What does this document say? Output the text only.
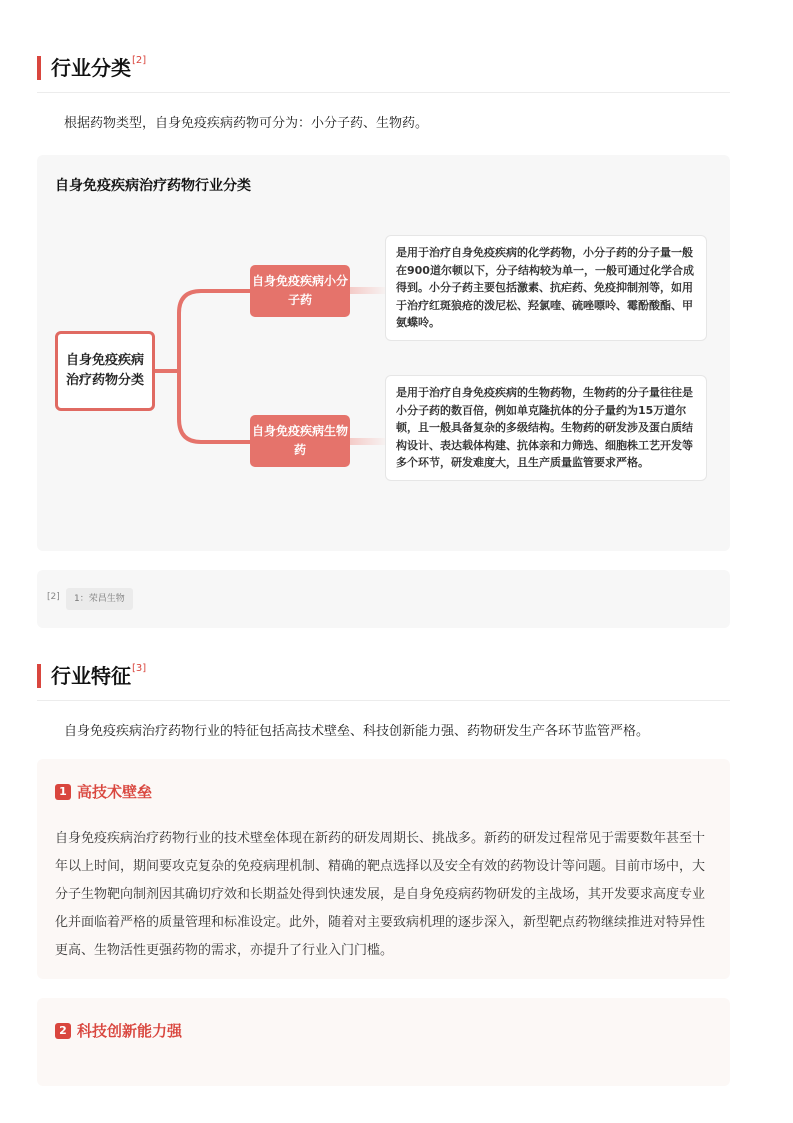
行业分类 [2]
根据药物类型，自身免疫疾病药物可分为：小分子药、生物药。
自身免疫疾病治疗药物行业分类
自身免疫疾病治疗药物分类
自身免疫疾病小分子药
自身免疫疾病生物药
是用于治疗自身免疫疾病的化学药物，小分子药的分子量一般在900道尔顿以下，分子结构较为单一，一般可通过化学合成得到。小分子药主要包括激素、抗疟药、免疫抑制剂等，如用于治疗红斑狼疮的泼尼松、羟氯喹、硫唑嘌呤、霉酚酸酯、甲氨蝶呤。
是用于治疗自身免疫疾病的生物药物，生物药的分子量往往是小分子药的数百倍，例如单克隆抗体的分子量约为15万道尔顿，且一般具备复杂的多级结构。生物药的研发涉及蛋白质结构设计、表达载体构建、抗体亲和力筛选、细胞株工艺开发等多个环节，研发难度大，且生产质量监管要求严格。
[2]	1：荣昌生物
行业特征 [3]
自身免疫疾病治疗药物行业的特征包括高技术壁垒、科技创新能力强、药物研发生产各环节监管严格。
1 高技术壁垒
自身免疫疾病治疗药物行业的技术壁垒体现在新药的研发周期长、挑战多。新药的研发过程常见于需要数年甚至十年以上时间，期间要攻克复杂的免疫病理机制、精确的靶点选择以及安全有效的药物设计等问题。目前市场中，大分子生物靶向制剂因其确切疗效和长期益处得到快速发展，是自身免疫病药物研发的主战场，其开发要求高度专业化并面临着严格的质量管理和标准设定。此外，随着对主要致病机理的逐步深入，新型靶点药物继续推进对特异性更高、生物活性更强药物的需求，亦提升了行业入门门槛。
2 科技创新能力强
